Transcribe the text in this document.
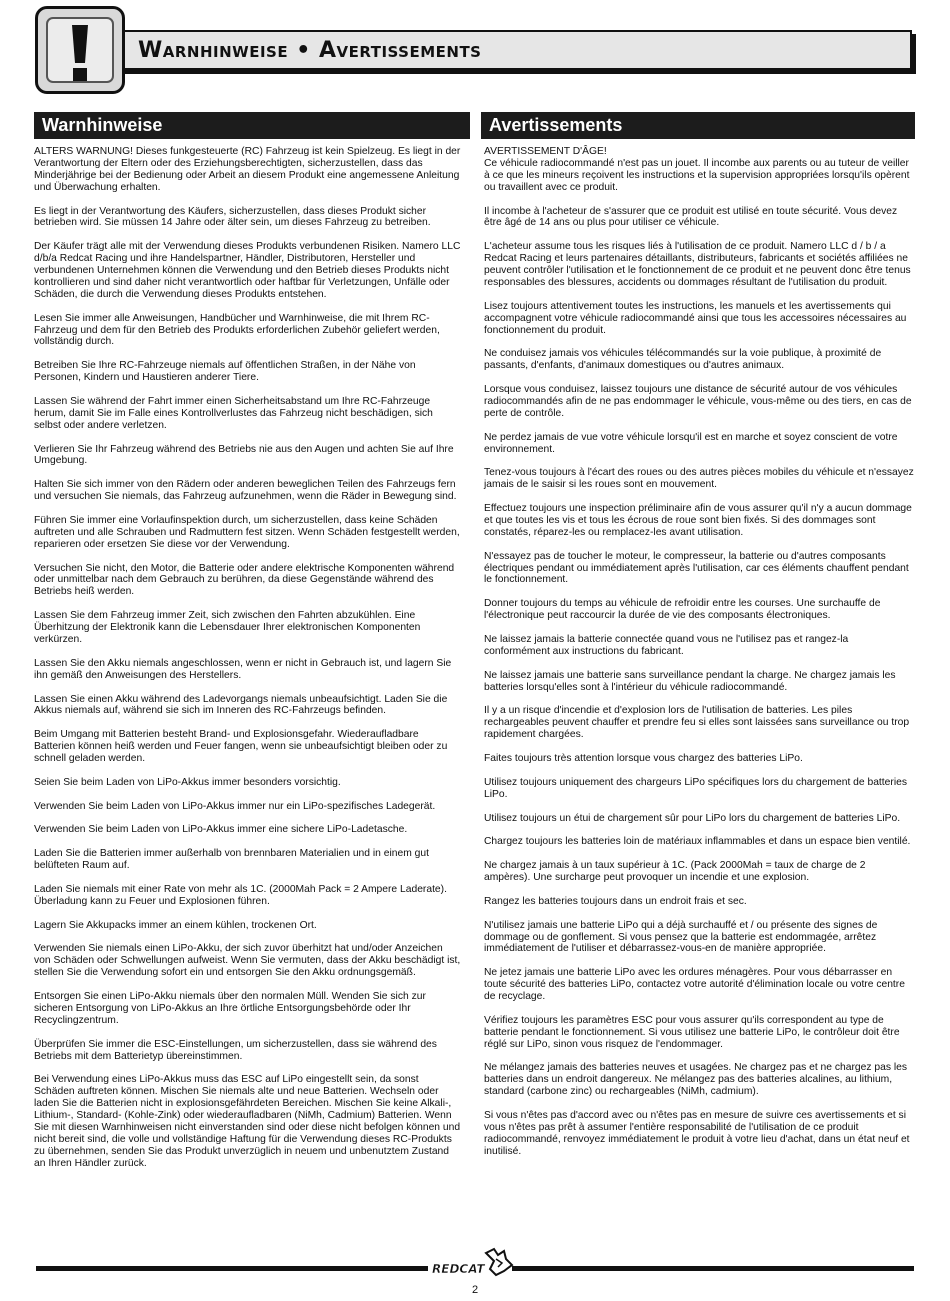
Warnhinweise • Avertissements
Warnhinweise	Avertissements

ALTERS WARNUNG! Dieses funkgesteuerte (RC) Fahrzeug ist kein Spielzeug. Es liegt in der Verantwortung der Eltern oder des Erziehungsberechtigten, sicherzustellen, dass das Minderjährige bei der Bedienung oder Arbeit an diesem Produkt eine angemessene Anleitung und Überwachung erhalten.

Es liegt in der Verantwortung des Käufers, sicherzustellen, dass dieses Produkt sicher betrieben wird. Sie müssen 14 Jahre oder älter sein, um dieses Fahrzeug zu betreiben.

Der Käufer trägt alle mit der Verwendung dieses Produkts verbundenen Risiken. Namero LLC d/b/a Redcat Racing und ihre Handelspartner, Händler, Distributoren, Hersteller und verbundenen Unternehmen können die Verwendung und den Betrieb dieses Produkts nicht kontrollieren und sind daher nicht verantwortlich oder haftbar für Verletzungen, Unfälle oder Schäden, die durch die Verwendung dieses Produkts entstehen.

Lesen Sie immer alle Anweisungen, Handbücher und Warnhinweise, die mit Ihrem RC-Fahrzeug und dem für den Betrieb des Produkts erforderlichen Zubehör geliefert werden, vollständig durch.

Betreiben Sie Ihre RC-Fahrzeuge niemals auf öffentlichen Straßen, in der Nähe von Personen, Kindern und Haustieren anderer Tiere.

Lassen Sie während der Fahrt immer einen Sicherheitsabstand um Ihre RC-Fahrzeuge herum, damit Sie im Falle eines Kontrollverlustes das Fahrzeug nicht beschädigen, sich selbst oder andere verletzen.

Verlieren Sie Ihr Fahrzeug während des Betriebs nie aus den Augen und achten Sie auf Ihre Umgebung.

Halten Sie sich immer von den Rädern oder anderen beweglichen Teilen des Fahrzeugs fern und versuchen Sie niemals, das Fahrzeug aufzunehmen, wenn die Räder in Bewegung sind.

Führen Sie immer eine Vorlaufinspektion durch, um sicherzustellen, dass keine Schäden auftreten und alle Schrauben und Radmuttern fest sitzen. Wenn Schäden festgestellt werden, reparieren oder ersetzen Sie diese vor der Verwendung.

Versuchen Sie nicht, den Motor, die Batterie oder andere elektrische Komponenten während oder unmittelbar nach dem Gebrauch zu berühren, da diese Gegenstände während des Betriebs heiß werden.

Lassen Sie dem Fahrzeug immer Zeit, sich zwischen den Fahrten abzukühlen. Eine Überhitzung der Elektronik kann die Lebensdauer Ihrer elektronischen Komponenten verkürzen.

Lassen Sie den Akku niemals angeschlossen, wenn er nicht in Gebrauch ist, und lagern Sie ihn gemäß den Anweisungen des Herstellers.

Lassen Sie einen Akku während des Ladevorgangs niemals unbeaufsichtigt. Laden Sie die Akkus niemals auf, während sie sich im Inneren des RC-Fahrzeugs befinden.

Beim Umgang mit Batterien besteht Brand- und Explosionsgefahr. Wiederaufladbare Batterien können heiß werden und Feuer fangen, wenn sie unbeaufsichtigt bleiben oder zu schnell geladen werden.

Seien Sie beim Laden von LiPo-Akkus immer besonders vorsichtig.

Verwenden Sie beim Laden von LiPo-Akkus immer nur ein LiPo-spezifisches Ladegerät.

Verwenden Sie beim Laden von LiPo-Akkus immer eine sichere LiPo-Ladetasche.

Laden Sie die Batterien immer außerhalb von brennbaren Materialien und in einem gut belüfteten Raum auf.

Laden Sie niemals mit einer Rate von mehr als 1C. (2000Mah Pack = 2 Ampere Laderate). Überladung kann zu Feuer und Explosionen führen.

Lagern Sie Akkupacks immer an einem kühlen, trockenen Ort.

Verwenden Sie niemals einen LiPo-Akku, der sich zuvor überhitzt hat und/oder Anzeichen von Schäden oder Schwellungen aufweist. Wenn Sie vermuten, dass der Akku beschädigt ist, stellen Sie die Verwendung sofort ein und entsorgen Sie den Akku ordnungsgemäß.

Entsorgen Sie einen LiPo-Akku niemals über den normalen Müll. Wenden Sie sich zur sicheren Entsorgung von LiPo-Akkus an Ihre örtliche Entsorgungsbehörde oder Ihr Recyclingzentrum.

Überprüfen Sie immer die ESC-Einstellungen, um sicherzustellen, dass sie während des Betriebs mit dem Batterietyp übereinstimmen.

Bei Verwendung eines LiPo-Akkus muss das ESC auf LiPo eingestellt sein, da sonst Schäden auftreten können. Mischen Sie niemals alte und neue Batterien. Wechseln oder laden Sie die Batterien nicht in explosionsgefährdeten Bereichen. Mischen Sie keine Alkali-, Lithium-, Standard- (Kohle-Zink) oder wiederaufladbaren (NiMh, Cadmium) Batterien. Wenn Sie mit diesen Warnhinweisen nicht einverstanden sind oder diese nicht befolgen können und nicht bereit sind, die volle und vollständige Haftung für die Verwendung dieses RC-Produkts zu übernehmen, senden Sie das Produkt unverzüglich in neuem und unbenutztem Zustand an Ihren Händler zurück.

AVERTISSEMENT D'ÂGE!
Ce véhicule radiocommandé n'est pas un jouet. Il incombe aux parents ou au tuteur de veiller à ce que les mineurs reçoivent les instructions et la supervision appropriées lorsqu'ils opèrent ou travaillent avec ce produit.

Il incombe à l'acheteur de s'assurer que ce produit est utilisé en toute sécurité. Vous devez être âgé de 14 ans ou plus pour utiliser ce véhicule.

L'acheteur assume tous les risques liés à l'utilisation de ce produit. Namero LLC d / b / a Redcat Racing et leurs partenaires détaillants, distributeurs, fabricants et sociétés affiliées ne peuvent contrôler l'utilisation et le fonctionnement de ce produit et ne peuvent donc être tenus responsables des blessures, accidents ou dommages résultant de l'utilisation du produit.

Lisez toujours attentivement toutes les instructions, les manuels et les avertissements qui accompagnent votre véhicule radiocommandé ainsi que tous les accessoires nécessaires au fonctionnement du produit.

Ne conduisez jamais vos véhicules télécommandés sur la voie publique, à proximité de passants, d'enfants, d'animaux domestiques ou d'autres animaux.

Lorsque vous conduisez, laissez toujours une distance de sécurité autour de vos véhicules radiocommandés afin de ne pas endommager le véhicule, vous-même ou des tiers, en cas de perte de contrôle.

Ne perdez jamais de vue votre véhicule lorsqu'il est en marche et soyez conscient de votre environnement.

Tenez-vous toujours à l'écart des roues ou des autres pièces mobiles du véhicule et n'essayez jamais de le saisir si les roues sont en mouvement.

Effectuez toujours une inspection préliminaire afin de vous assurer qu'il n'y a aucun dommage et que toutes les vis et tous les écrous de roue sont bien fixés. Si des dommages sont constatés, réparez-les ou remplacez-les avant utilisation.

N'essayez pas de toucher le moteur, le compresseur, la batterie ou d'autres composants électriques pendant ou immédiatement après l'utilisation, car ces éléments chauffent pendant le fonctionnement.

Donner toujours du temps au véhicule de refroidir entre les courses. Une surchauffe de l'électronique peut raccourcir la durée de vie des composants électroniques.

Ne laissez jamais la batterie connectée quand vous ne l'utilisez pas et rangez-la conformément aux instructions du fabricant.

Ne laissez jamais une batterie sans surveillance pendant la charge. Ne chargez jamais les batteries lorsqu'elles sont à l'intérieur du véhicule radiocommandé.

Il y a un risque d'incendie et d'explosion lors de l'utilisation de batteries. Les piles rechargeables peuvent chauffer et prendre feu si elles sont laissées sans surveillance ou trop rapidement chargées.

Faites toujours très attention lorsque vous chargez des batteries LiPo.

Utilisez toujours uniquement des chargeurs LiPo spécifiques lors du chargement de batteries LiPo.

Utilisez toujours un étui de chargement sûr pour LiPo lors du chargement de batteries LiPo.

Chargez toujours les batteries loin de matériaux inflammables et dans un espace bien ventilé.

Ne chargez jamais à un taux supérieur à 1C. (Pack 2000Mah = taux de charge de 2 ampères). Une surcharge peut provoquer un incendie et une explosion.

Rangez les batteries toujours dans un endroit frais et sec.

N'utilisez jamais une batterie LiPo qui a déjà surchauffé et / ou présente des signes de dommage ou de gonflement. Si vous pensez que la batterie est endommagée, arrêtez immédiatement de l'utiliser et débarrassez-vous-en de manière appropriée.

Ne jetez jamais une batterie LiPo avec les ordures ménagères. Pour vous débarrasser en toute sécurité des batteries LiPo, contactez votre autorité d'élimination locale ou votre centre de recyclage.

Vérifiez toujours les paramètres ESC pour vous assurer qu'ils correspondent au type de batterie pendant le fonctionnement. Si vous utilisez une batterie LiPo, le contrôleur doit être réglé sur LiPo, sinon vous risquez de l'endommager.

Ne mélangez jamais des batteries neuves et usagées. Ne chargez pas et ne chargez pas les batteries dans un endroit dangereux. Ne mélangez pas des batteries alcalines, au lithium, standard (carbone zinc) ou rechargeables (NiMh, cadmium).

Si vous n'êtes pas d'accord avec ou n'êtes pas en mesure de suivre ces avertissements et si vous n'êtes pas prêt à assumer l'entière responsabilité de l'utilisation de ce produit radiocommandé, renvoyez immédiatement le produit à votre lieu d'achat, dans un état neuf et inutilisé.

REDCAT
2
